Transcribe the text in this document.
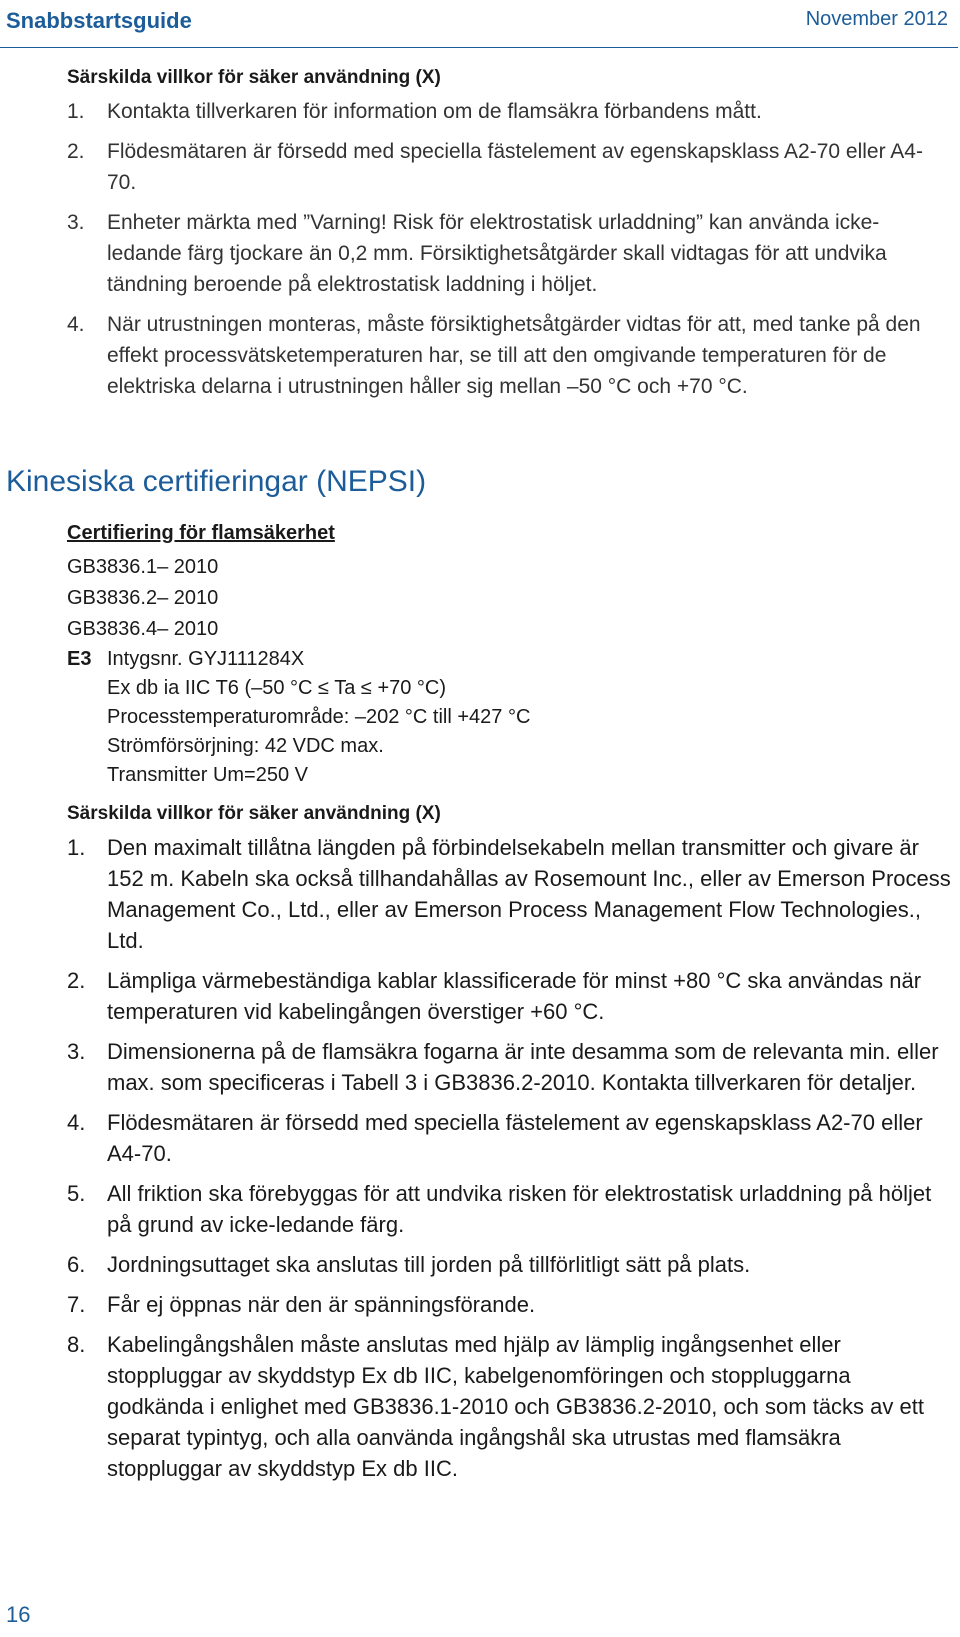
Snabbstartsguide	November 2012
Särskilda villkor för säker användning (X)
1.	Kontakta tillverkaren för information om de flamsäkra förbandens mått.
2.	Flödesmätaren är försedd med speciella fästelement av egenskapsklass A2-70 eller A4-70.
3.	Enheter märkta med ”Varning! Risk för elektrostatisk urladdning” kan använda icke-ledande färg tjockare än 0,2 mm. Försiktighetsåtgärder skall vidtagas för att undvika tändning beroende på elektrostatisk laddning i höljet.
4.	När utrustningen monteras, måste försiktighetsåtgärder vidtas för att, med tanke på den effekt processvätsketemperaturen har, se till att den omgivande temperaturen för de elektriska delarna i utrustningen håller sig mellan –50 °C och +70 °C.
Kinesiska certifieringar (NEPSI)
Certifiering för flamsäkerhet
GB3836.1– 2010
GB3836.2– 2010
GB3836.4– 2010
E3 Intygsnr. GYJ111284X
Ex db ia IIC T6 (–50 °C ≤ Ta ≤ +70 °C)
Processtemperaturområde: –202 °C till +427 °C
Strömförsörjning: 42 VDC max.
Transmitter Um=250 V
Särskilda villkor för säker användning (X)
1. Den maximalt tillåtna längden på förbindelsekabeln mellan transmitter och givare är 152 m. Kabeln ska också tillhandahållas av Rosemount Inc., eller av Emerson Process Management Co., Ltd., eller av Emerson Process Management Flow Technologies., Ltd.
2. Lämpliga värmebeständiga kablar klassificerade för minst +80 °C ska användas när temperaturen vid kabelingången överstiger +60 °C.
3. Dimensionerna på de flamsäkra fogarna är inte desamma som de relevanta min. eller max. som specificeras i Tabell 3 i GB3836.2-2010. Kontakta tillverkaren för detaljer.
4. Flödesmätaren är försedd med speciella fästelement av egenskapsklass A2-70 eller A4-70.
5. All friktion ska förebyggas för att undvika risken för elektrostatisk urladdning på höljet på grund av icke-ledande färg.
6. Jordningsuttaget ska anslutas till jorden på tillförlitligt sätt på plats.
7. Får ej öppnas när den är spänningsförande.
8. Kabelingångshålen måste anslutas med hjälp av lämplig ingångsenhet eller stoppluggar av skyddstyp Ex db IIC, kabelgenomföringen och stoppluggarna godkända i enlighet med GB3836.1-2010 och GB3836.2-2010, och som täcks av ett separat typintyg, och alla oanvända ingångshål ska utrustas med flamsäkra stoppluggar av skyddstyp Ex db IIC.
16
